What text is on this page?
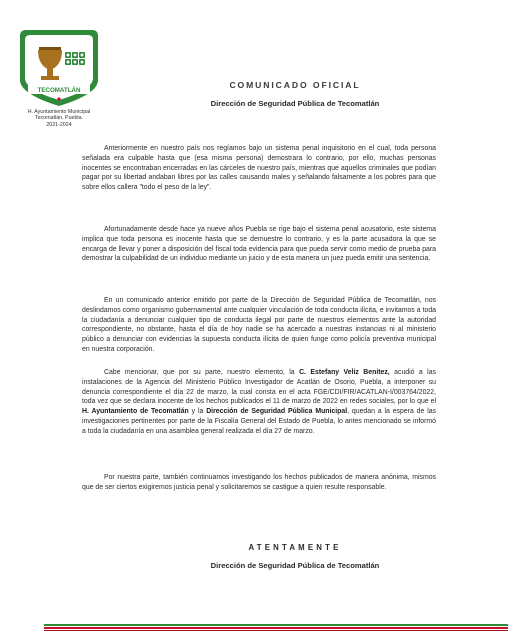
TECOMATLÁN
H. Ayuntamiento Municipal
Tecomatlán, Puebla.
2021-2024
COMUNICADO OFICIAL
Dirección de Seguridad Pública de Tecomatlán

Anteriormente en nuestro país nos regíamos bajo un sistema penal inquisitorio en el cual, toda persona señalada era culpable hasta que (esa misma persona) demostrara lo contrario, por ello, muchas personas inocentes se encontraban encerradas en las cárceles de nuestro país, mientras que aquellos criminales que podían pagar por su libertad andaban libres por las calles causando males y señalando falsamente a los pobres para que sobre ellos callera "todo el peso de la ley".

Afortunadamente desde hace ya nueve años Puebla se rige bajo el sistema penal acusatorio, este sistema implica que toda persona es inocente hasta que se demuestre lo contrario, y es la parte acusadora la que se encarga de llevar y poner a disposición del fiscal toda evidencia para que pueda servir como medio de prueba para demostrar la culpabilidad de un individuo mediante un juicio y de esta manera un juez pueda emitir una sentencia.

En un comunicado anterior emitido por parte de la Dirección de Seguridad Pública de Tecomatlán, nos deslindamos como organismo gubernamental ante cualquier vinculación de toda conducta ilícita, e invitamos a toda la ciudadanía a denunciar cualquier tipo de conducta ilegal por parte de nuestros elementos ante la autoridad correspondiente, no obstante, hasta el día de hoy nadie se ha acercado a nuestras instancias ni al ministerio público a denunciar con evidencias la supuesta conducta ilícita de quien funge como policía preventiva municipal en nuestra corporación.

Cabe mencionar, que por su parte, nuestro elemento, la C. Estefany Veliz Benitez, acudió a las instalaciones de la Agencia del Ministerio Público Investigador de Acatlán de Osorio, Puebla, a interponer su denuncia correspondiente el día 22 de marzo, la cual consta en el acta FGE/CDI/FIR/ACATLAN-I/003764/2022, toda vez que se declara inocente de los hechos publicados el 11 de marzo de 2022 en redes sociales, por lo que el H. Ayuntamiento de Tecomatlán y la Dirección de Seguridad Pública Municipal, quedan a la espera de las investigaciones pertinentes por parte de la Fiscalía General del Estado de Puebla, lo antes mencionado se informó a toda la ciudadanía en una asamblea general realizada el día 27 de marzo.

Por nuestra parte, también continuamos investigando los hechos publicados de manera anónima, mismos que de ser ciertos exigiremos justicia penal y solicitaremos se castigue a quien resulte responsable.

ATENTAMENTE
Dirección de Seguridad Pública de Tecomatlán
